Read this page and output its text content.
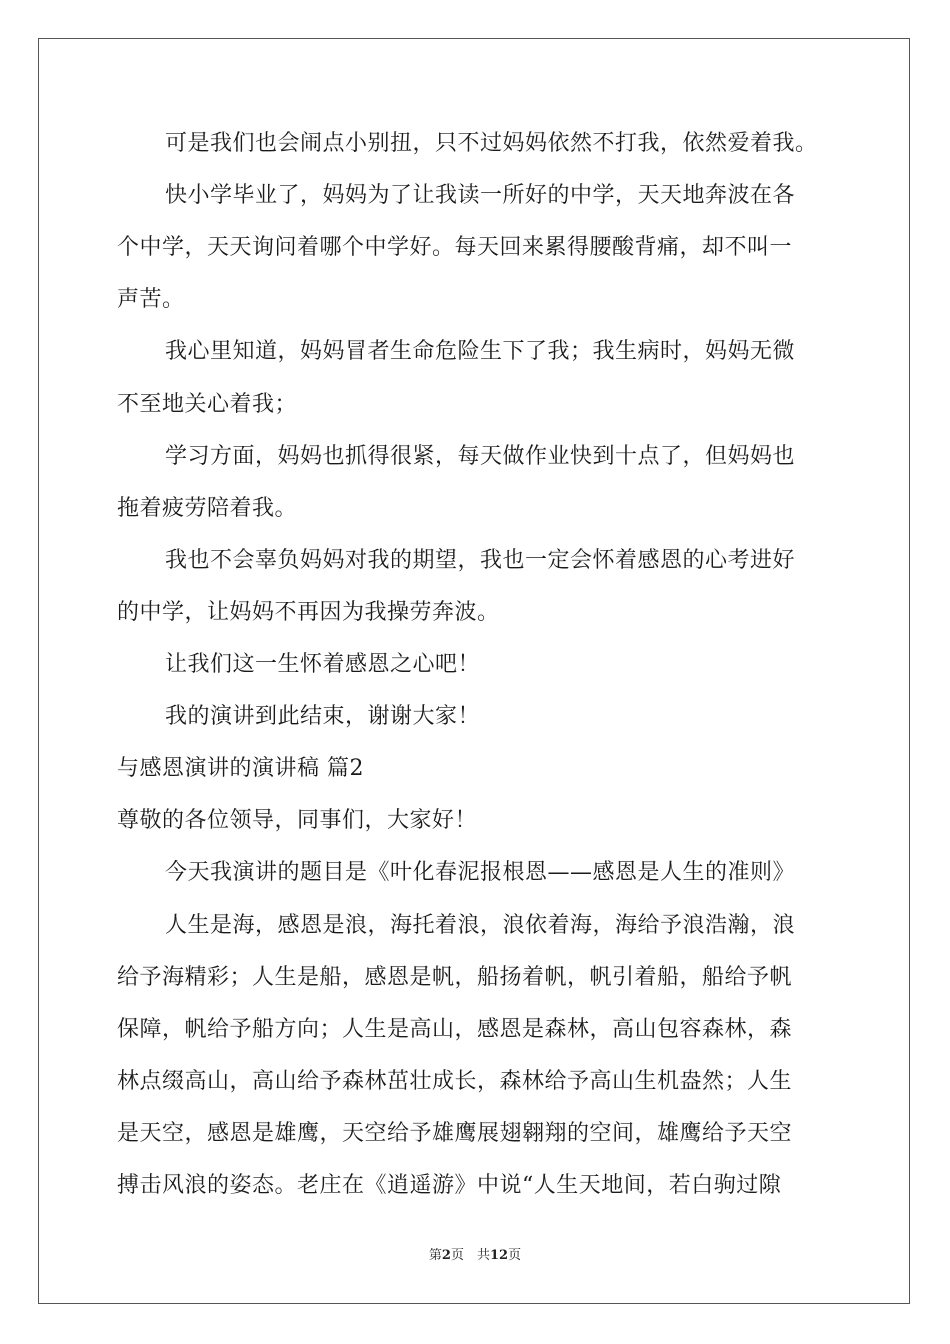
可是我们也会闹点小别扭，只不过妈妈依然不打我，依然爱着我。
快小学毕业了，妈妈为了让我读一所好的中学，天天地奔波在各
个中学，天天询问着哪个中学好。每天回来累得腰酸背痛，却不叫一
声苦。
我心里知道，妈妈冒者生命危险生下了我；我生病时，妈妈无微
不至地关心着我；
学习方面，妈妈也抓得很紧，每天做作业快到十点了，但妈妈也
拖着疲劳陪着我。
我也不会辜负妈妈对我的期望，我也一定会怀着感恩的心考进好
的中学，让妈妈不再因为我操劳奔波。
让我们这一生怀着感恩之心吧！
我的演讲到此结束，谢谢大家！
与感恩演讲的演讲稿 篇2
尊敬的各位领导，同事们，大家好！
今天我演讲的题目是《叶化春泥报根恩——感恩是人生的准则》
人生是海，感恩是浪，海托着浪，浪依着海，海给予浪浩瀚，浪
给予海精彩；人生是船，感恩是帆，船扬着帆，帆引着船，船给予帆
保障，帆给予船方向；人生是高山，感恩是森林，高山包容森林，森
林点缀高山，高山给予森林茁壮成长，森林给予高山生机盎然；人生
是天空，感恩是雄鹰，天空给予雄鹰展翅翱翔的空间，雄鹰给予天空
搏击风浪的姿态。老庄在《逍遥游》中说“人生天地间，若白驹过隙
第2页　共12页
